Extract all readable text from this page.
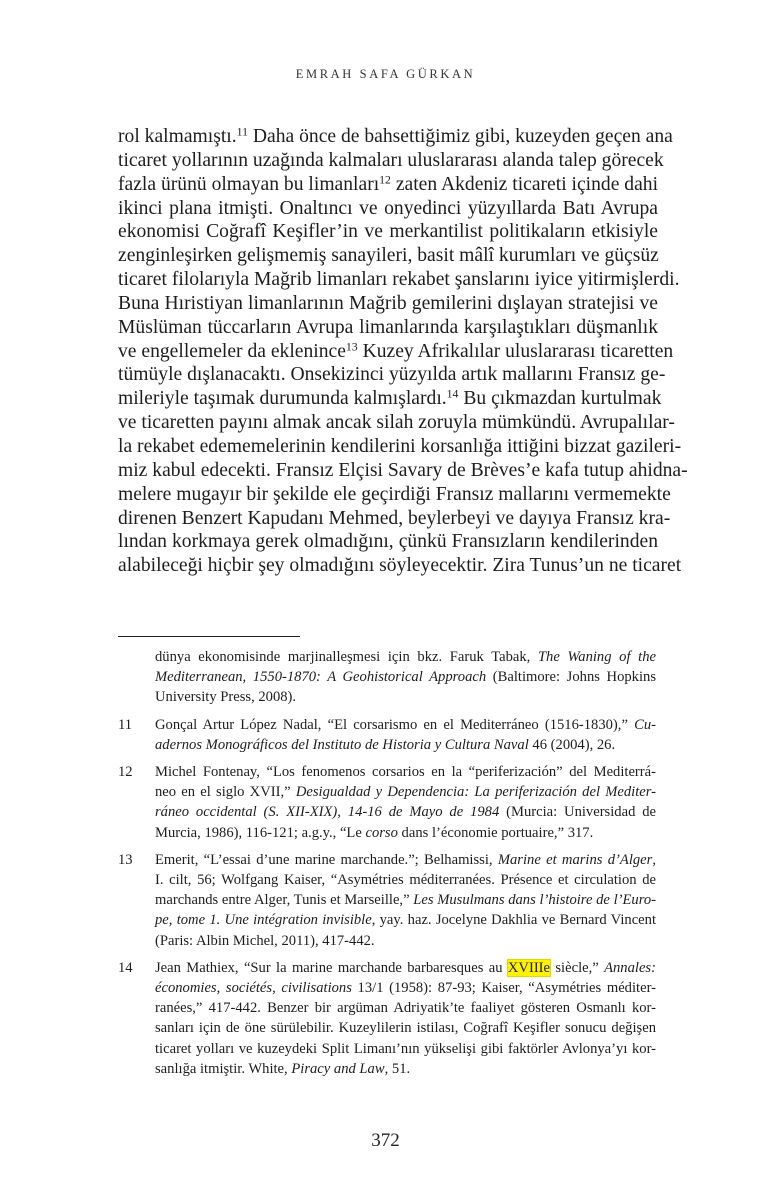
EMRAH SAFA GÜRKAN
rol kalmamıştı.$^{11}$ Daha önce de bahsettiğimiz gibi, kuzeyden geçen ana
ticaret yollarının uzağında kalmaları uluslararası alanda talep görecek
fazla ürünü olmayan bu limanları$^{12}$ zaten Akdeniz ticareti içinde dahi
ikinci plana itmişti. Onaltıncı ve onyedinci yüzyıllarda Batı Avrupa
ekonomisi Coğrafî Keşifler’in ve merkantilist politikaların etkisiyle
zenginleşirken gelişmemiş sanayileri, basit mâlî kurumları ve güçsüz
ticaret filolarıyla Mağrib limanları rekabet şanslarını iyice yitirmişlerdi.
Buna Hıristiyan limanlarının Mağrib gemilerini dışlayan stratejisi ve
Müslüman tüccarların Avrupa limanlarında karşılaştıkları düşmanlık
ve engellemeler da eklenince$^{13}$ Kuzey Afrikalılar uluslararası ticaretten
tümüyle dışlanacaktı. Onsekizinci yüzyılda artık mallarını Fransız ge-
mileriyle taşımak durumunda kalmışlardı.$^{14}$ Bu çıkmazdan kurtulmak
ve ticaretten payını almak ancak silah zoruyla mümkündü. Avrupalılar-
la rekabet edememelerinin kendilerini korsanlığa ittiğini bizzat gazileri-
miz kabul edecekti. Fransız Elçisi Savary de Brèves’e kafa tutup ahidna-
melere mugayır bir şekilde ele geçirdiği Fransız mallarını vermemekte
direnen Benzert Kapudanı Mehmed, beylerbeyi ve dayıya Fransız kra-
lından korkmaya gerek olmadığını, çünkü Fransızların kendilerinden
alabileceği hiçbir şey olmadığını söyleyecektir. Zira Tunus’un ne ticaret
dünya ekonomisinde marjinalleşmesi için bkz. Faruk Tabak, The Waning of the
Mediterranean, 1550-1870: A Geohistorical Approach (Baltimore: Johns Hopkins
University Press, 2008).
11 Gonçal Artur López Nadal, “El corsarismo en el Mediterráneo (1516-1830),” Cu-
adernos Monográficos del Instituto de Historia y Cultura Naval 46 (2004), 26.
12 Michel Fontenay, “Los fenomenos corsarios en la “periferización” del Mediterrá-
neo en el siglo XVII,” Desigualdad y Dependencia: La periferización del Mediter-
ráneo occidental (S. XII-XIX), 14-16 de Mayo de 1984 (Murcia: Universidad de
Murcia, 1986), 116-121; a.g.y., “Le corso dans l’économie portuaire,” 317.
13 Emerit, “L’essai d’une marine marchande.”; Belhamissi, Marine et marins d’Alger,
I. cilt, 56; Wolfgang Kaiser, “Asymétries méditerranées. Présence et circulation de
marchands entre Alger, Tunis et Marseille,” Les Musulmans dans l’histoire de l’Euro-
pe, tome 1. Une intégration invisible, yay. haz. Jocelyne Dakhlia ve Bernard Vincent
(Paris: Albin Michel, 2011), 417-442.
14 Jean Mathiex, “Sur la marine marchande barbaresques au XVIIIe siècle,” Annales:
économies, sociétés, civilisations 13/1 (1958): 87-93; Kaiser, “Asymétries méditer-
ranées,” 417-442. Benzer bir argüman Adriyatik’te faaliyet gösteren Osmanlı kor-
sanları için de öne sürülebilir. Kuzeylilerin istilası, Coğrafî Keşifler sonucu değişen
ticaret yolları ve kuzeydeki Split Limanı’nın yükselişi gibi faktörler Avlonya’yı kor-
sanlığa itmiştir. White, Piracy and Law, 51.
372
